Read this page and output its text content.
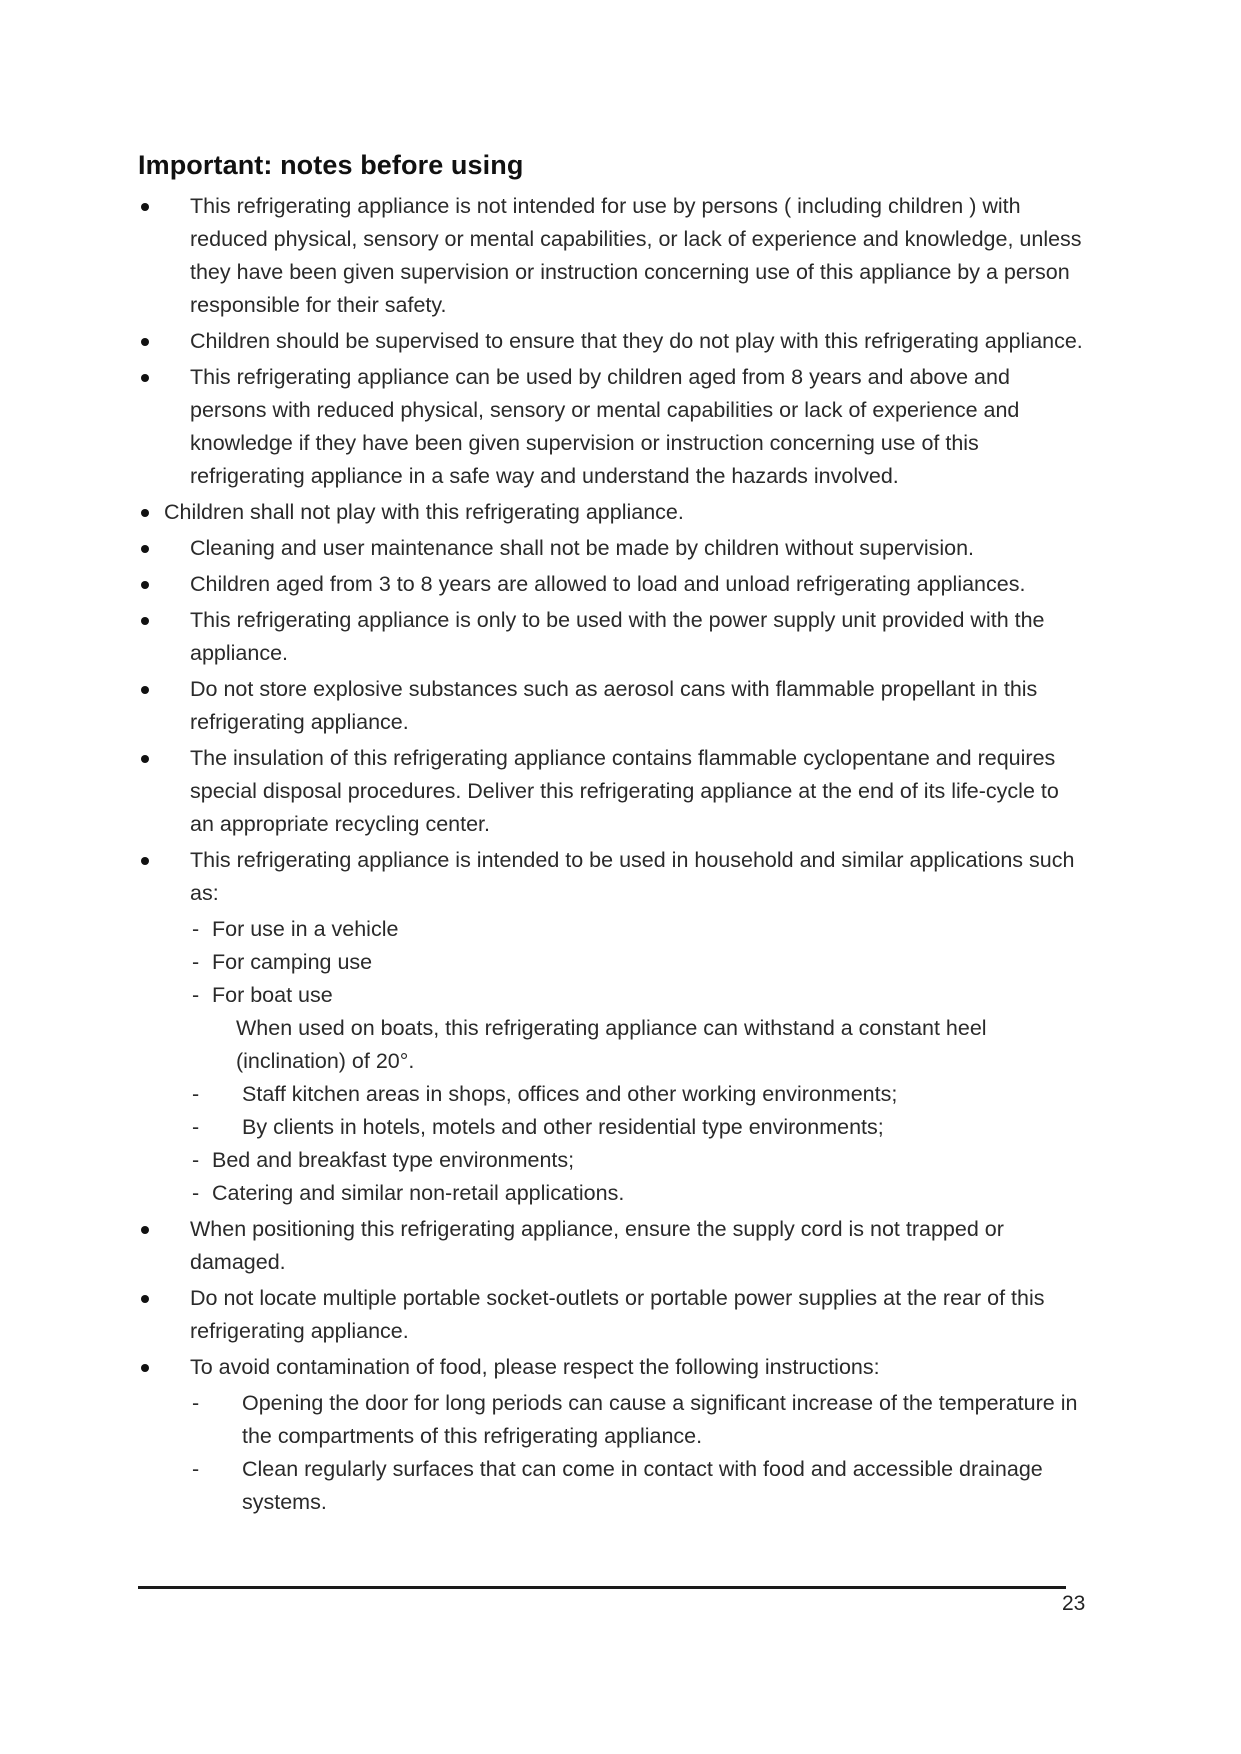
Important: notes before using
This refrigerating appliance is not intended for use by persons ( including children ) with reduced physical, sensory or mental capabilities, or lack of experience and knowledge, unless they have been given supervision or instruction concerning use of this appliance by a person responsible for their safety.
Children should be supervised to ensure that they do not play with this refrigerating appliance.
This refrigerating appliance can be used by children aged from 8 years and above and persons with reduced physical, sensory or mental capabilities or lack of experience and knowledge if they have been given supervision or instruction concerning use of this refrigerating appliance in a safe way and understand the hazards involved.
Children shall not play with this refrigerating appliance.
Cleaning and user maintenance shall not be made by children without supervision.
Children aged from 3 to 8 years are allowed to load and unload refrigerating appliances.
This refrigerating appliance is only to be used with the power supply unit provided with the appliance.
Do not store explosive substances such as aerosol cans with flammable propellant in this refrigerating appliance.
The insulation of this refrigerating appliance contains flammable cyclopentane and requires special disposal procedures. Deliver this refrigerating appliance at the end of its life-cycle to an appropriate recycling center.
This refrigerating appliance is intended to be used in household and similar applications such as:
- For use in a vehicle
- For camping use
- For boat use
When used on boats, this refrigerating appliance can withstand a constant heel (inclination) of 20°.
- Staff kitchen areas in shops, offices and other working environments;
- By clients in hotels, motels and other residential type environments;
- Bed and breakfast type environments;
- Catering and similar non-retail applications.
When positioning this refrigerating appliance, ensure the supply cord is not trapped or damaged.
Do not locate multiple portable socket-outlets or portable power supplies at the rear of this refrigerating appliance.
To avoid contamination of food, please respect the following instructions:
- Opening the door for long periods can cause a significant increase of the temperature in the compartments of this refrigerating appliance.
- Clean regularly surfaces that can come in contact with food and accessible drainage systems.
23
